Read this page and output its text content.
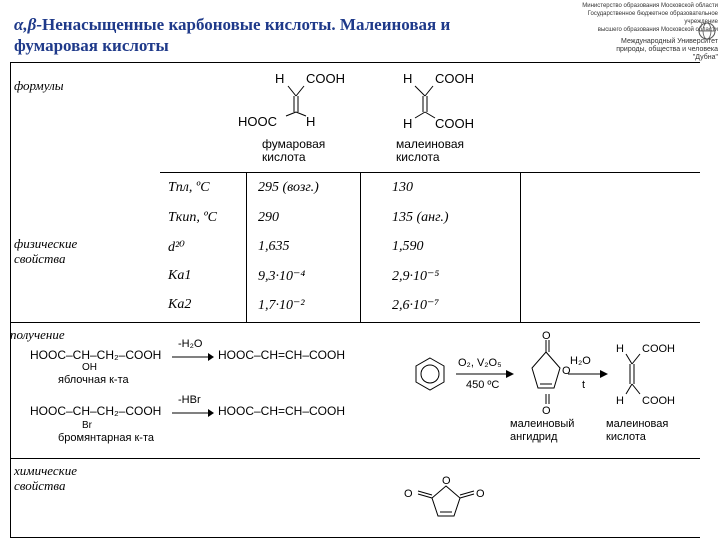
α,β-Ненасыщенные карбоновые кислоты. Малеиновая и
фумаровая кислоты
Министерство образования Московской области
Государственное бюджетное образовательное учреждение
высшего образования Московской области
Международный Университет
природы, общества и человека
"Дубна"
формулы
физические
свойства
получение
химические
свойства
H COOH
HOOC H
фумаровая
кислота
H COOH
H COOH
малеиновая
кислота
Tпл, ºC	295 (возг.)	130
Tкип, ºC	290	135 (анг.)
d²⁰	1,635	1,590
Ka1	9,3·10⁻⁴	2,9·10⁻⁵
Ka2	1,7·10⁻²	2,6·10⁻⁷
HOOC–CH–CH₂–COOH
OH
яблочная к-та
-H₂O
→ HOOC–CH=CH–COOH
HOOC–CH–CH₂–COOH
Br
бромянтарная к-та
-HBr
→ HOOC–CH=CH–COOH
O₂, V₂O₅
450 ºC
O
O
O
H₂O
t
H COOH
H COOH
малеиновый
ангидрид
малеиновая
кислота
O
O	O
